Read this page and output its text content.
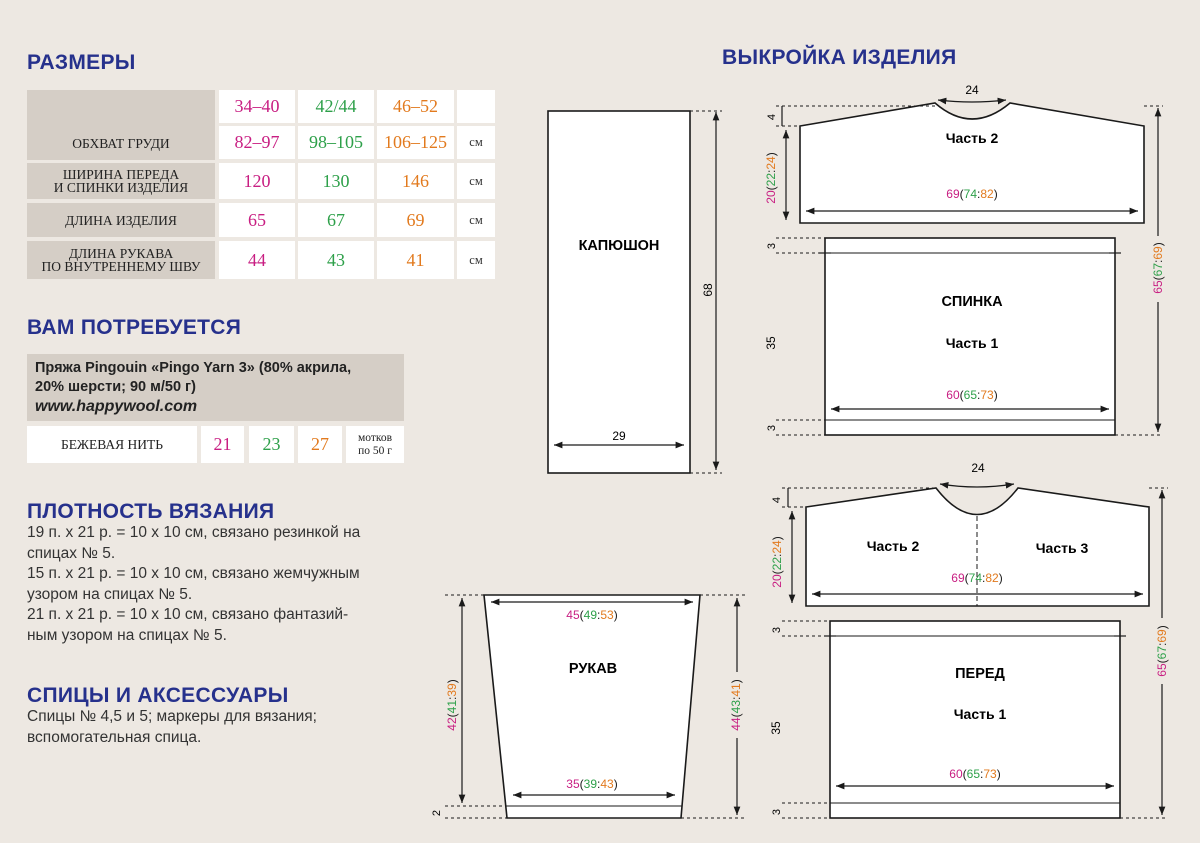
РАЗМЕРЫ
34–40	42/44	46–52
ОБХВАТ ГРУДИ	82–97	98–105	106–125	см
ШИРИНА ПЕРЕДА
И СПИНКИ ИЗДЕЛИЯ	120	130	146	см
ДЛИНА ИЗДЕЛИЯ	65	67	69	см
ДЛИНА РУКАВА
ПО ВНУТРЕННЕМУ ШВУ	44	43	41	см
ВАМ ПОТРЕБУЕТСЯ
Пряжа Pingouin «Pingo Yarn 3» (80% акрила,
20% шерсти; 90 м/50 г)
www.happywool.com
БЕЖЕВАЯ НИТЬ	21	23	27	мотков
по 50 г
ПЛОТНОСТЬ ВЯЗАНИЯ
19 п. х 21 р. = 10 х 10 см, связано резинкой на
спицах № 5.
15 п. х 21 р. = 10 х 10 см, связано жемчужным
узором на спицах № 5.
21 п. х 21 р. = 10 х 10 см, связано фантазий-
ным узором на спицах № 5.
СПИЦЫ И АКСЕССУАРЫ
Спицы № 4,5 и 5; маркеры для вязания;
вспомогательная спица.
ВЫКРОЙКА ИЗДЕЛИЯ
КАПЮШОН
29
68
24
4
20(22:24)
Часть 2
69(74:82)
3
3
35
СПИНКА
Часть 1
60(65:73)
65(67:69)
24
4
20(22:24)	Часть 2	Часть 3
69(74:82)
3
3
35
ПЕРЕД
Часть 1
60(65:73)
65(67:69)
45(49:53)
РУКАВ
35(39:43)
42(41:39)
44(43:41)
2
